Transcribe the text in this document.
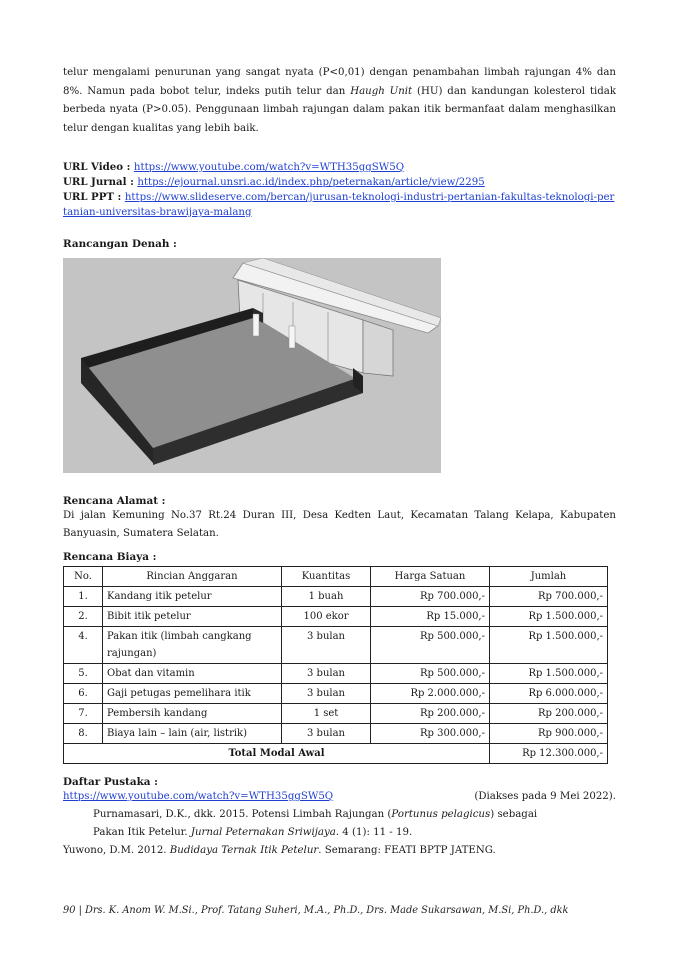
telur mengalami penurunan yang sangat nyata (P<0,01) dengan penambahan limbah rajungan 4% dan 8%. Namun pada bobot telur, indeks putih telur dan Haugh Unit (HU) dan kandungan kolesterol tidak berbeda nyata (P>0.05). Penggunaan limbah rajungan dalam pakan itik bermanfaat dalam menghasilkan telur dengan kualitas yang lebih baik.

URL Video : https://www.youtube.com/watch?v=WTH35ggSW5Q
URL Jurnal : https://ejournal.unsri.ac.id/index.php/peternakan/article/view/2295
URL PPT : https://www.slideserve.com/bercan/jurusan-teknologi-industri-pertanian-fakultas-teknologi-pertanian-universitas-brawijaya-malang
Rancangan Denah :
Rencana Alamat :

Di jalan Kemuning No.37 Rt.24 Duran III, Desa Kedten Laut, Kecamatan Talang Kelapa, Kabupaten Banyuasin, Sumatera Selatan.

Rencana Biaya :
No.	Rincian Anggaran	Kuantitas	Harga Satuan	Jumlah
1.	Kandang itik petelur	1 buah	Rp 700.000,-	Rp 700.000,-
2.	Bibit itik petelur	100 ekor	Rp 15.000,-	Rp 1.500.000,-
4.	Pakan itik (limbah cangkang rajungan)	3 bulan	Rp 500.000,-	Rp 1.500.000,-
5.	Obat dan vitamin	3 bulan	Rp 500.000,-	Rp 1.500.000,-
6.	Gaji petugas pemelihara itik	3 bulan	Rp 2.000.000,-	Rp 6.000.000,-
7.	Pembersih kandang	1 set	Rp 200.000,-	Rp 200.000,-
8.	Biaya lain – lain (air, listrik)	3 bulan	Rp 300.000,-	Rp 900.000,-
Total Modal Awal				Rp 12.300.000,-
Daftar Pustaka :
https://www.youtube.com/watch?v=WTH35ggSW5Q	(Diakses pada 9 Mei 2022).
Purnamasari, D.K., dkk. 2015. Potensi Limbah Rajungan (Portunus pelagicus) sebagai
Pakan Itik Petelur. Jurnal Peternakan Sriwijaya. 4 (1): 11 - 19.
Yuwono, D.M. 2012. Budidaya Ternak Itik Petelur. Semarang: FEATI BPTP JATENG.
90 | Drs. K. Anom W. M.Si., Prof. Tatang Suheri, M.A., Ph.D., Drs. Made Sukarsawan, M.Si, Ph.D., dkk
